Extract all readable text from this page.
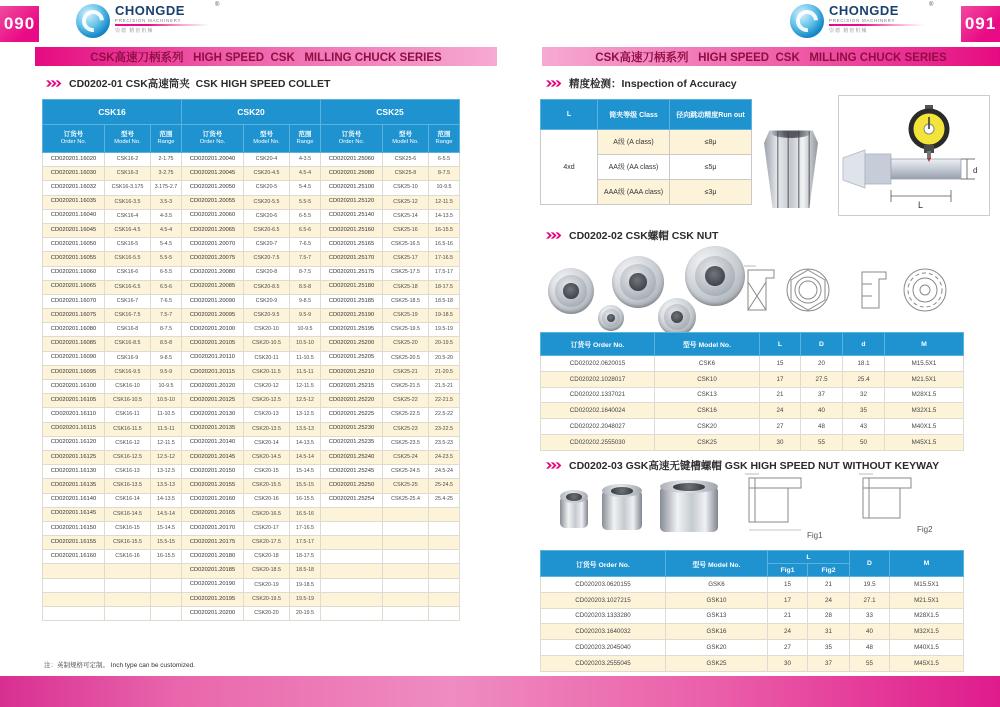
090
CHONGDE
PRECISION MACHINERY
崇德 精密机械
®
CSK高速刀柄系列   HIGH SPEED  CSK   MILLING CHUCK SERIES
CD0202-01 CSK高速筒夹  CSK HIGH SPEED COLLET
CSK16			CSK20			CSK25		

订货号
Order No.	型号
Model No.	范围
Range	订货号
Order No.	型号
Model No.	范围
Range	订货号
Order No.	型号
Model No.	范围
Range

CD020201.16020	CSK16-2	2-1.75	CD020201.20040	CSK20-4	4-3.5	CD020201.25060	CSK25-6	6-5.5
CD020201.16030	CSK16-3	3-2.75	CD020201.20045	CSK20-4.5	4.5-4	CD020201.25080	CSK25-8	8-7.5
CD020201.16032	CSK16-3.175	3.175-2.7	CD020201.20050	CSK20-5	5-4.5	CD020201.25100	CSK25-10	10-9.5
CD020201.16035	CSK16-3.5	3.5-3	CD020201.20055	CSK20-5.5	5.5-5	CD020201.25120	CSK25-12	12-11.5
CD020201.16040	CSK16-4	4-3.5	CD020201.20060	CSK20-6	6-5.5	CD020201.25140	CSK25-14	14-13.5
CD020201.16045	CSK16-4.5	4.5-4	CD020201.20065	CSK20-6.5	6.5-6	CD020201.25160	CSK25-16	16-15.5
CD020201.16050	CSK16-5	5-4.5	CD020201.20070	CSK20-7	7-6.5	CD020201.25165	CSK25-16.5	16.5-16
CD020201.16055	CSK16-5.5	5.5-5	CD020201.20075	CSK20-7.5	7.5-7	CD020201.25170	CSK25-17	17-16.5
CD020201.16060	CSK16-6	6-5.5	CD020201.20080	CSK20-8	8-7.5	CD020201.25175	CSK25-17.5	17.5-17
CD020201.16065	CSK16-6.5	6.5-6	CD020201.20085	CSK20-8.5	8.5-8	CD020201.25180	CSK25-18	18-17.5
CD020201.16070	CSK16-7	7-6.5	CD020201.20090	CSK20-9	9-8.5	CD020201.25185	CSK25-18.5	18.5-18
CD020201.16075	CSK16-7.5	7.5-7	CD020201.20095	CSK20-9.5	9.5-9	CD020201.25190	CSK25-19	19-18.5
CD020201.16080	CSK16-8	8-7.5	CD020201.20100	CSK20-10	10-9.5	CD020201.25195	CSK25-19.5	19.5-19
CD020201.16085	CSK16-8.5	8.5-8	CD020201.20105	CSK20-10.5	10.5-10	CD020201.25200	CSK25-20	20-19.5
CD020201.16090	CSK16-9	9-8.5	CD020201.20110	CSK20-11	11-10.5	CD020201.25205	CSK25-20.5	20.5-20
CD020201.16095	CSK16-9.5	9.5-9	CD020201.20115	CSK20-11.5	11.5-11	CD020201.25210	CSK25-21	21-20.5
CD020201.16100	CSK16-10	10-9.5	CD020201.20120	CSK20-12	12-11.5	CD020201.25215	CSK25-21.5	21.5-21
CD020201.16105	CSK16-10.5	10.5-10	CD020201.20125	CSK20-12.5	12.5-12	CD020201.25220	CSK25-22	22-21.5
CD020201.16110	CSK16-11	11-10.5	CD020201.20130	CSK20-13	13-12.5	CD020201.25225	CSK25-22.5	22.5-22
CD020201.16115	CSK16-11.5	11.5-11	CD020201.20135	CSK20-13.5	13.5-13	CD020201.25230	CSK25-23	23-22.5
CD020201.16120	CSK16-12	12-11.5	CD020201.20140	CSK20-14	14-13.5	CD020201.25235	CSK25-23.5	23.5-23
CD020201.16125	CSK16-12.5	12.5-12	CD020201.20145	CSK20-14.5	14.5-14	CD020201.25240	CSK25-24	24-23.5
CD020201.16130	CSK16-13	13-12.5	CD020201.20150	CSK20-15	15-14.5	CD020201.25245	CSK25-24.5	24.5-24
CD020201.16135	CSK16-13.5	13.5-13	CD020201.20155	CSK20-15.5	15.5-15	CD020201.25250	CSK25-25	25-24.5
CD020201.16140	CSK16-14	14-13.5	CD020201.20160	CSK20-16	16-15.5	CD020201.25254	CSK25-25.4	25.4-25
CD020201.16145	CSK16-14.5	14.5-14	CD020201.20165	CSK20-16.5	16.5-16			
CD020201.16150	CSK16-15	15-14.5	CD020201.20170	CSK20-17	17-16.5			
CD020201.16155	CSK16-15.5	15.5-15	CD020201.20175	CSK20-17.5	17.5-17			
CD020201.16160	CSK16-16	16-15.5	CD020201.20180	CSK20-18	18-17.5			
			CD020201.20185	CSK20-18.5	18.5-18			
			CD020201.20190	CSK20-19	19-18.5			
			CD020201.20195	CSK20-19.5	19.5-19			
			CD020201.20200	CSK20-20	20-19.5			
注：英制规格可定制。 Inch type can be customized.
CHONGDE
PRECISION MACHINERY
崇德 精密机械
®
091
CSK高速刀柄系列   HIGH SPEED  CSK   MILLING CHUCK SERIES
精度检测：Inspection of Accuracy
L	筒夹等级 Class	径向跳动精度Run out
4xd	A级 (A class)	≤8μ
	AA级 (AA class)	≤5μ
	AAA级 (AAA class)	≤3μ
d
L
CD0202-02 CSK螺帽 CSK NUT
订货号 Order No.	型号 Model No.	L	D	d	M
CD020202.0620015	CSK6	15	20	18.1	M15.5X1
CD020202.1028017	CSK10	17	27.5	25.4	M21.5X1
CD020202.1337021	CSK13	21	37	32	M28X1.5
CD020202.1640024	CSK16	24	40	35	M32X1.5
CD020202.2048027	CSK20	27	48	43	M40X1.5
CD020202.2555030	CSK25	30	55	50	M45X1.5
CD0202-03 GSK高速无键槽螺帽 GSK HIGH SPEED NUT WITHOUT KEYWAY
Fig1
Fig2
订货号 Order No.	型号 Model No.	L		D	M
		Fig1	Fig2		
CD020203.0620155	GSK6	15	21	19.5	M15.5X1
CD020203.1027215	GSK10	17	24	27.1	M21.5X1
CD020203.1333280	GSK13	21	28	33	M28X1.5
CD020203.1640032	GSK16	24	31	40	M32X1.5
CD020203.2045040	GSK20	27	35	48	M40X1.5
CD020203.2555045	GSK25	30	37	55	M45X1.5
